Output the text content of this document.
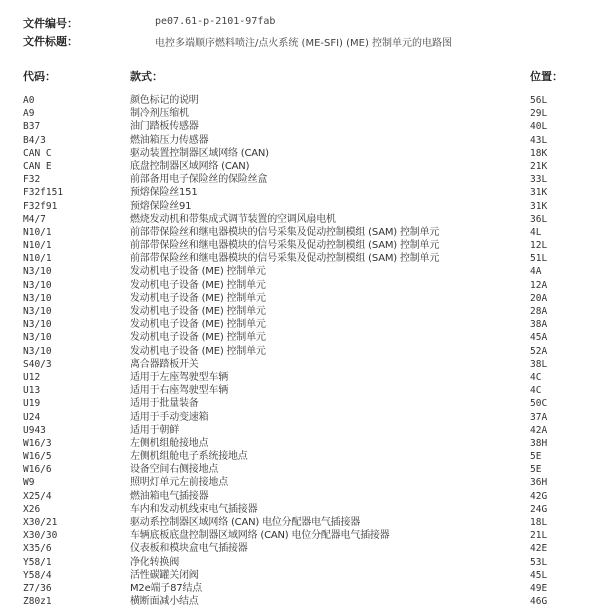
文件编号：	pe07.61-p-2101-97fab
文件标题：	电控多端顺序燃料喷注/点火系统 (ME-SFI) (ME) 控制单元的电路图
代码：	款式：	位置：
A0	颜色标记的说明	56L
A9	制冷剂压缩机	29L
B37	油门踏板传感器	40L
B4/3	燃油箱压力传感器	43L
CAN C	驱动装置控制器区域网络 (CAN)	18K
CAN E	底盘控制器区域网络 (CAN)	21K
F32	前部备用电子保险丝的保险丝盒	33L
F32f151	预熔保险丝151	31K
F32f91	预熔保险丝91	31K
M4/7	燃烧发动机和带集成式调节装置的空调风扇电机	36L
N10/1	前部带保险丝和继电器模块的信号采集及促动控制模组 (SAM) 控制单元	4L
N10/1	前部带保险丝和继电器模块的信号采集及促动控制模组 (SAM) 控制单元	12L
N10/1	前部带保险丝和继电器模块的信号采集及促动控制模组 (SAM) 控制单元	51L
N3/10	发动机电子设备 (ME) 控制单元	4A
N3/10	发动机电子设备 (ME) 控制单元	12A
N3/10	发动机电子设备 (ME) 控制单元	20A
N3/10	发动机电子设备 (ME) 控制单元	28A
N3/10	发动机电子设备 (ME) 控制单元	38A
N3/10	发动机电子设备 (ME) 控制单元	45A
N3/10	发动机电子设备 (ME) 控制单元	52A
S40/3	离合器踏板开关	38L
U12	适用于左座驾驶型车辆	4C
U13	适用于右座驾驶型车辆	4C
U19	适用于批量装备	50C
U24	适用于手动变速箱	37A
U943	适用于朝鲜	42A
W16/3	左侧机组舱接地点	38H
W16/5	左侧机组舱电子系统接地点	5E
W16/6	设备空间右侧接地点	5E
W9	照明灯单元左前接地点	36H
X25/4	燃油箱电气插接器	42G
X26	车内和发动机线束电气插接器	24G
X30/21	驱动系控制器区域网络 (CAN) 电位分配器电气插接器	18L
X30/30	车辆底板底盘控制器区域网络 (CAN) 电位分配器电气插接器	21L
X35/6	仪表板和模块盒电气插接器	42E
Y58/1	净化转换阀	53L
Y58/4	活性碳罐关闭阀	45L
Z7/36	M2e端子87结点	49E
Z80z1	横断面减小结点	46G
